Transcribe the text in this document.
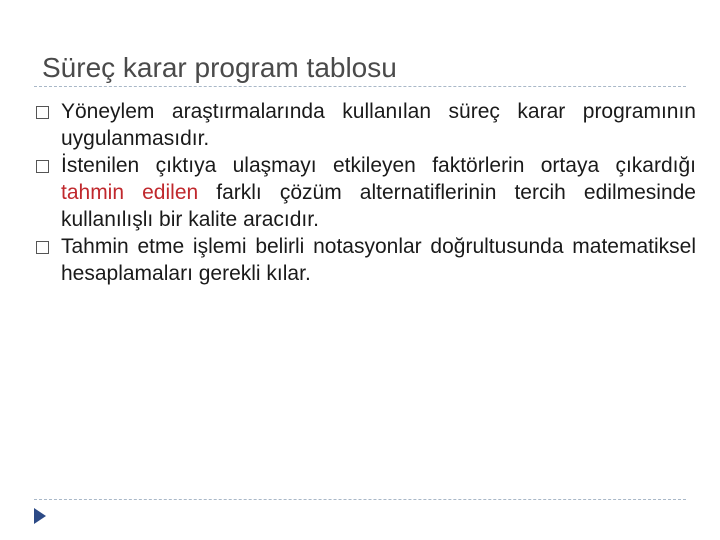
Süreç karar program tablosu
Yöneylem araştırmalarında kullanılan süreç karar programının uygulanmasıdır.
İstenilen çıktıya ulaşmayı etkileyen faktörlerin ortaya çıkardığı tahmin edilen farklı çözüm alternatiflerinin tercih edilmesinde kullanılışlı bir kalite aracıdır.
Tahmin etme işlemi belirli notasyonlar doğrultusunda matematiksel hesaplamaları gerekli kılar.
